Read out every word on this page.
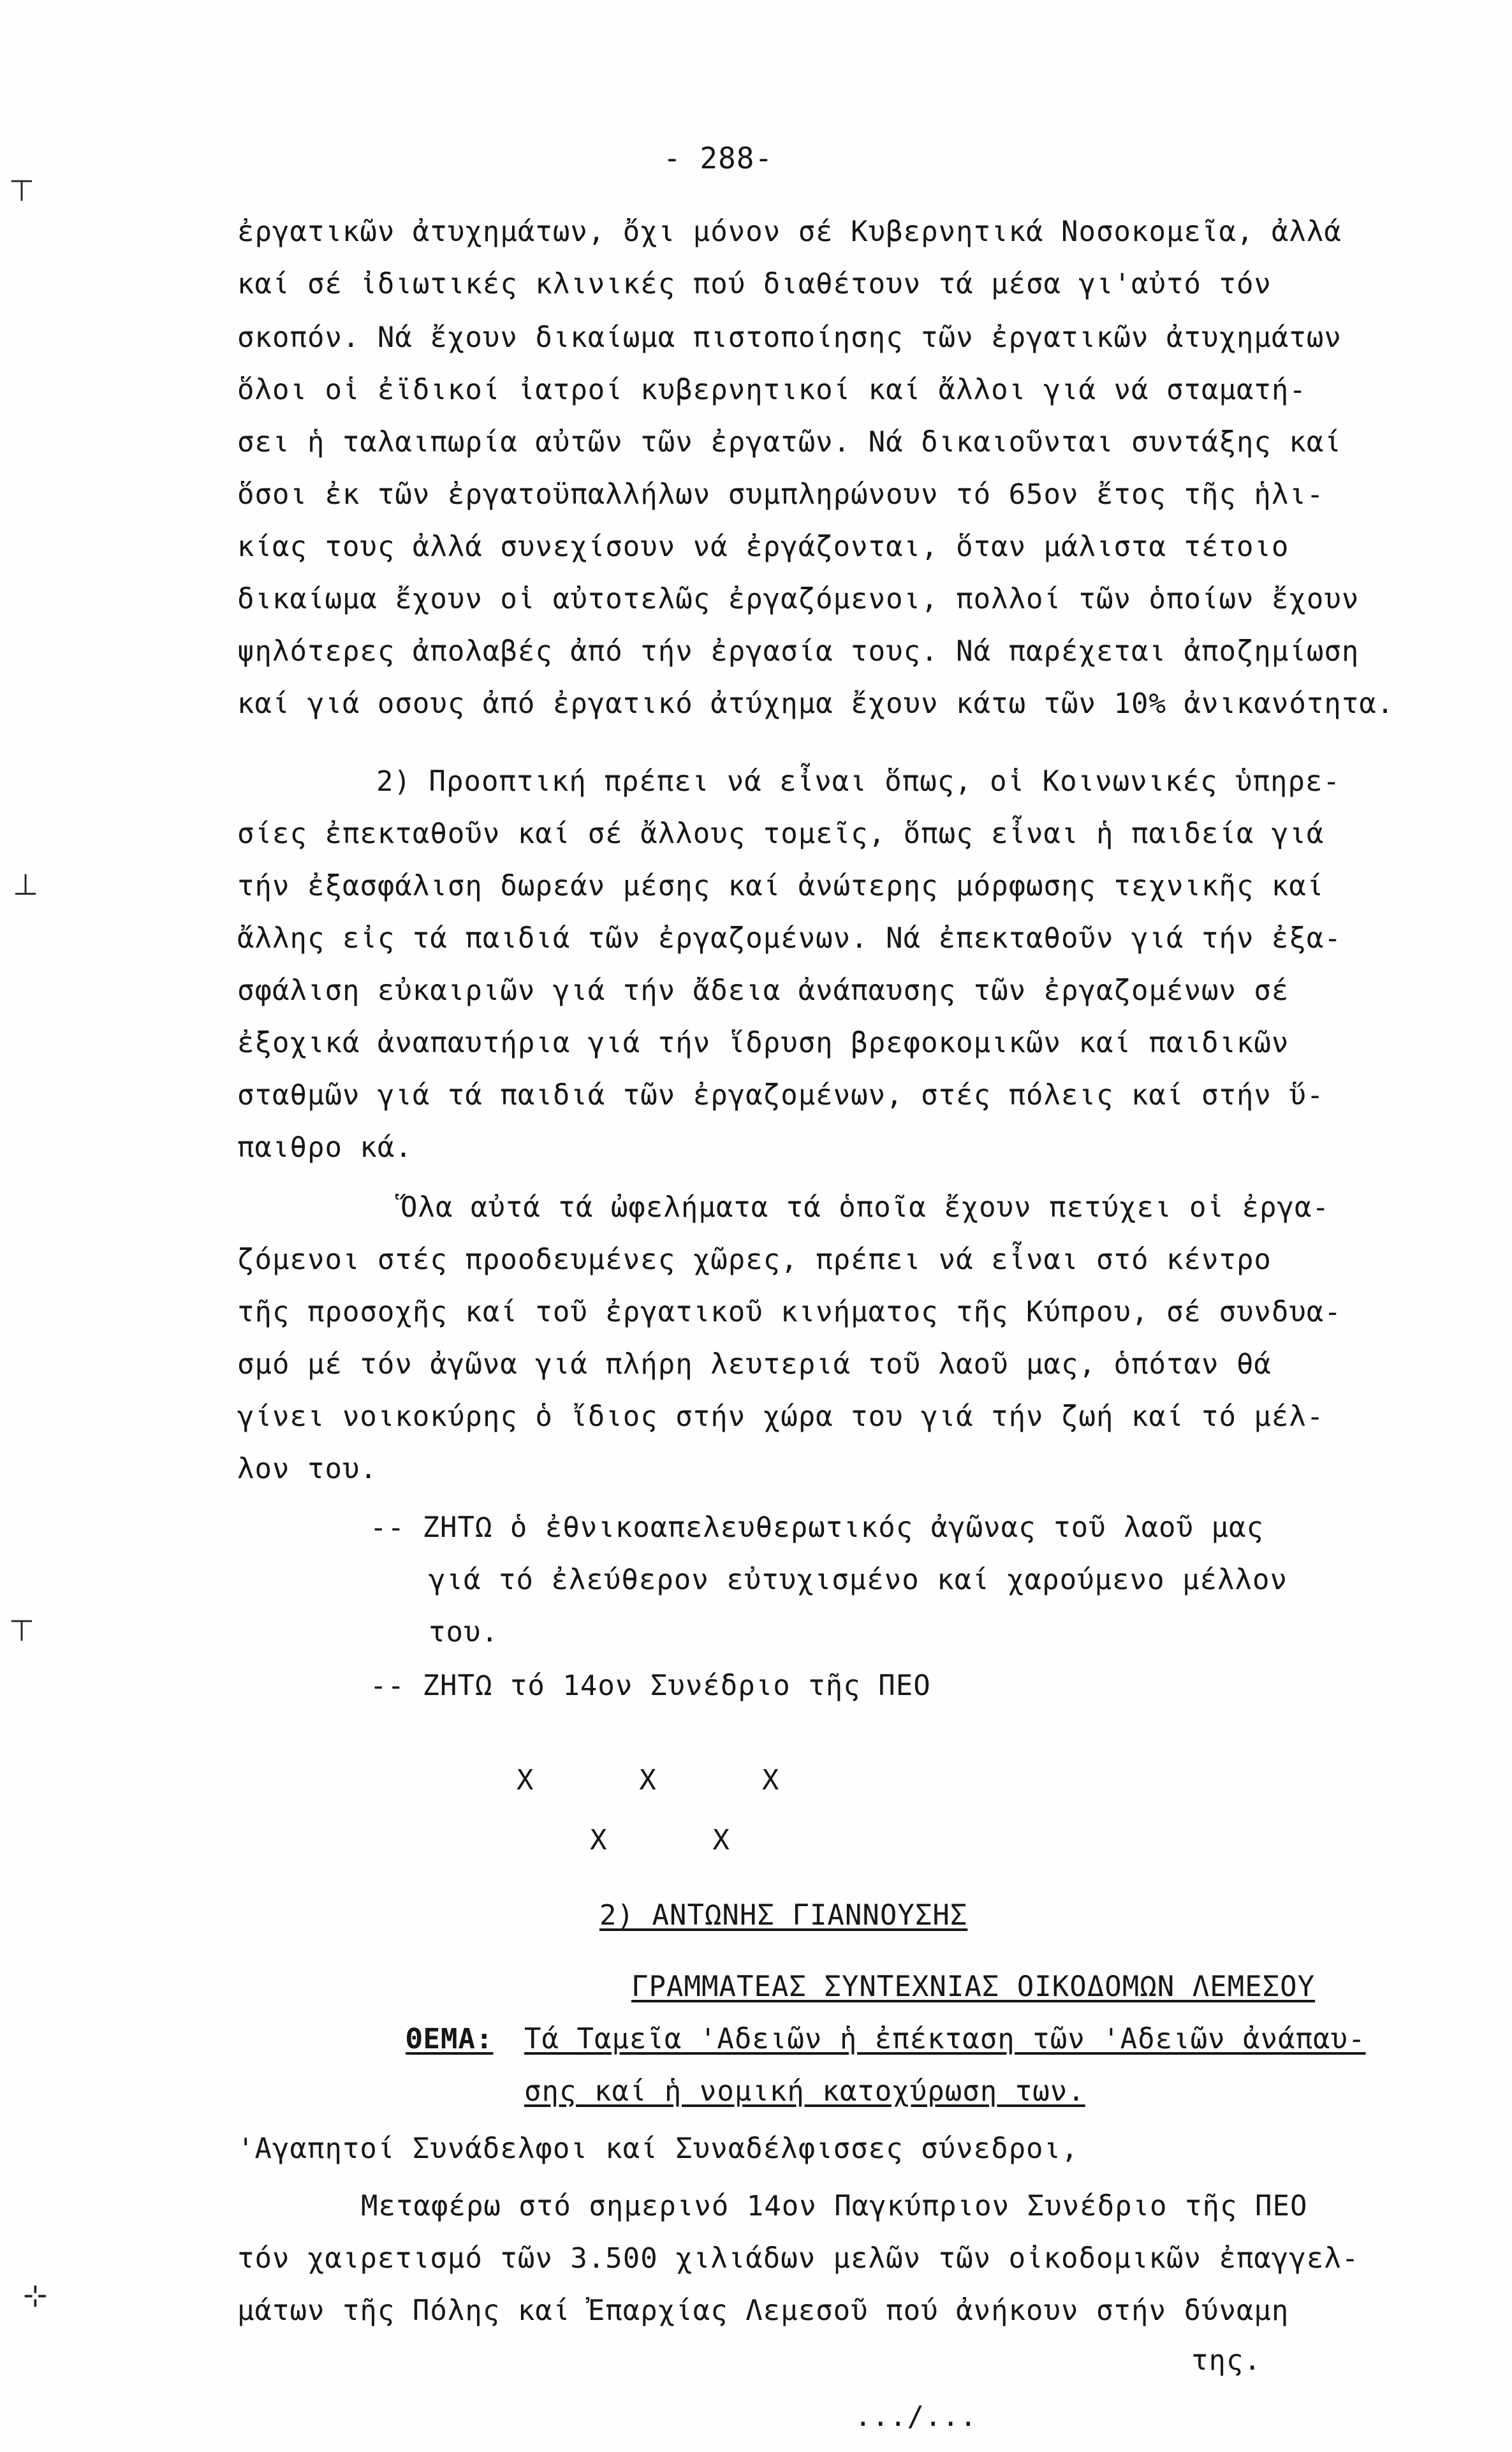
- 288-
⊤
⊥
⊤
⊹
ἐργατικῶν ἀτυχημάτων, ὄχι μόνον σέ Κυβερνητικά Νοσοκομεῖα, ἀλλά
καί σέ ἰδιωτικές κλινικές πού διαθέτουν τά μέσα γι'αὐτό τόν
σκοπόν. Νά ἔχουν δικαίωμα πιστοποίησης τῶν ἐργατικῶν ἀτυχημάτων
ὅλοι οἱ ἐϊδικοί ἰατροί κυβερνητικοί καί ἄλλοι γιά νά σταματή-
σει ἡ ταλαιπωρία αὐτῶν τῶν ἐργατῶν. Νά δικαιοῦνται συντάξης καί
ὅσοι ἐκ τῶν ἐργατοϋπαλλήλων συμπληρώνουν τό 65ον ἔτος τῆς ἡλι-
κίας τους ἀλλά συνεχίσουν νά ἐργάζονται, ὅταν μάλιστα τέτοιο
δικαίωμα ἔχουν οἱ αὐτοτελῶς ἐργαζόμενοι, πολλοί τῶν ὁποίων ἔχουν
ψηλότερες ἀπολαβές ἀπό τήν ἐργασία τους. Νά παρέχεται ἀποζημίωση
καί γιά οσους ἀπό ἐργατικό ἀτύχημα ἔχουν κάτω τῶν 10% ἀνικανότητα.
2) Προοπτική πρέπει νά εἶναι ὅπως, οἱ Κοινωνικές ὑπηρε-
σίες ἐπεκταθοῦν καί σέ ἄλλους τομεῖς, ὅπως εἶναι ἡ παιδεία γιά
τήν ἐξασφάλιση δωρεάν μέσης καί ἀνώτερης μόρφωσης τεχνικῆς καί
ἄλλης εἰς τά παιδιά τῶν ἐργαζομένων. Νά ἐπεκταθοῦν γιά τήν ἐξα-
σφάλιση εὐκαιριῶν γιά τήν ἄδεια ἀνάπαυσης τῶν ἐργαζομένων σέ
ἐξοχικά ἀναπαυτήρια γιά τήν ἵδρυση βρεφοκομικῶν καί παιδικῶν
σταθμῶν γιά τά παιδιά τῶν ἐργαζομένων, στές πόλεις καί στήν ὕ-
παιθρο κά.
Ὅλα αὐτά τά ὠφελήματα τά ὁποῖα ἔχουν πετύχει οἱ ἐργα-
ζόμενοι στές προοδευμένες χῶρες, πρέπει νά εἶναι στό κέντρο
τῆς προσοχῆς καί τοῦ ἐργατικοῦ κινήματος τῆς Κύπρου, σέ συνδυα-
σμό μέ τόν ἀγῶνα γιά πλήρη λευτεριά τοῦ λαοῦ μας, ὁπόταν θά
γίνει νοικοκύρης ὁ ἴδιος στήν χώρα του γιά τήν ζωή καί τό μέλ-
λον του.
-- ΖΗΤΩ ὁ ἐθνικοαπελευθερωτικός ἀγῶνας τοῦ λαοῦ μας
γιά τό ἐλεύθερον εὐτυχισμένο καί χαρούμενο μέλλον
του.
-- ΖΗΤΩ τό 14ον Συνέδριο τῆς ΠΕΟ
X      X      X
X      X
2) ΑΝΤΩΝΗΣ ΓΙΑΝΝΟΥΣΗΣ
ΓΡΑΜΜΑΤΕΑΣ ΣΥΝΤΕΧΝΙΑΣ ΟΙΚΟΔΟΜΩΝ ΛΕΜΕΣΟΥ
ΘΕΜΑ: Τά Ταμεῖα 'Αδειῶν ἡ ἐπέκταση τῶν 'Αδειῶν ἀνάπαυ-
σης καί ἡ νομική κατοχύρωση των.
'Αγαπητοί Συνάδελφοι καί Συναδέλφισσες σύνεδροι,
Μεταφέρω στό σημερινό 14ον Παγκύπριον Συνέδριο τῆς ΠΕΟ
τόν χαιρετισμό τῶν 3.500 χιλιάδων μελῶν τῶν οἰκοδομικῶν ἐπαγγελ-
μάτων τῆς Πόλης καί Ἐπαρχίας Λεμεσοῦ πού ἀνήκουν στήν δύναμη
της.
.../...
